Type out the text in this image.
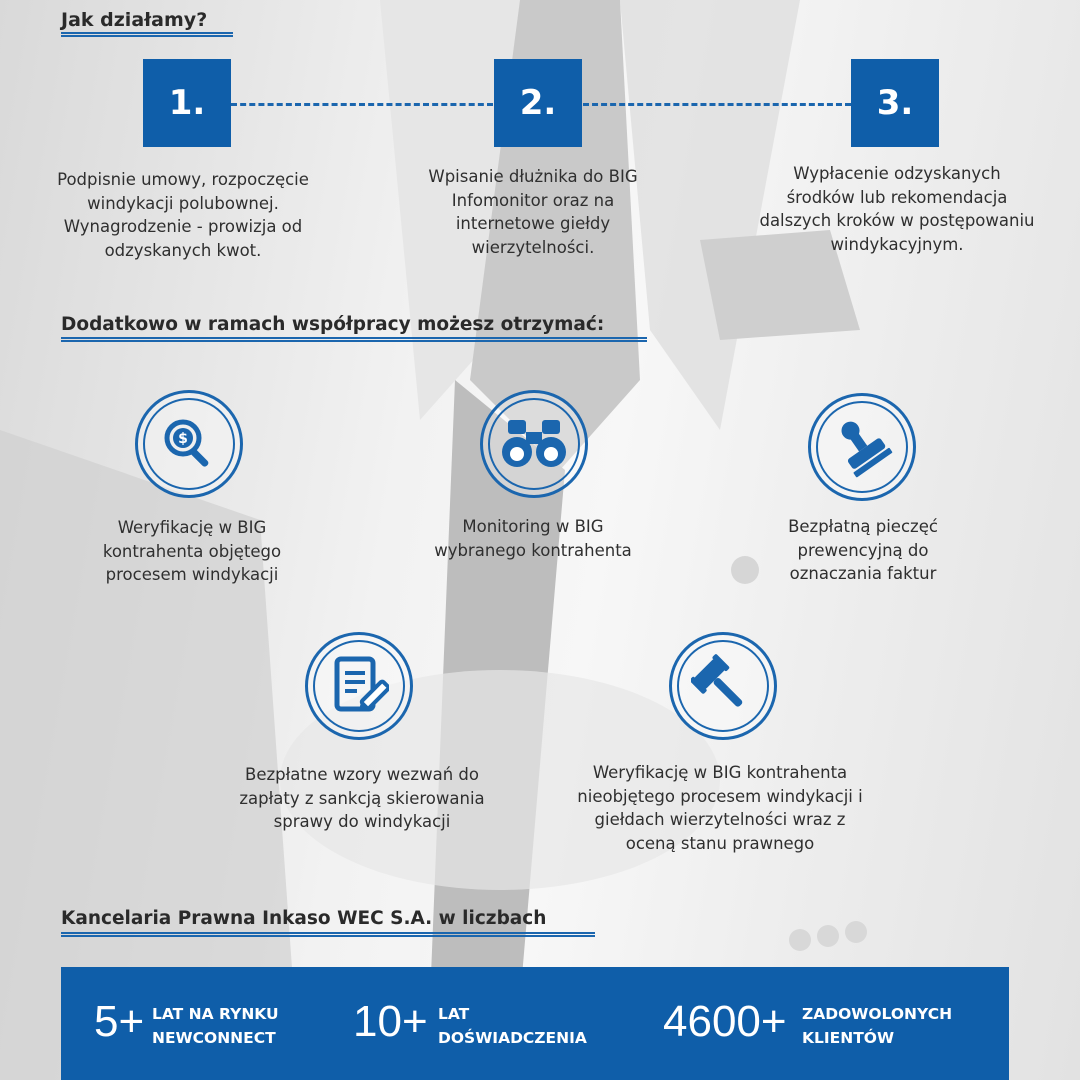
Jak działamy?
1.	2.	3.

Podpisnie umowy, rozpoczęcie windykacji polubownej. Wynagrodzenie - prowizja od odzyskanych kwot.

Wpisanie dłużnika do BIG Infomonitor oraz na internetowe giełdy wierzytelności.

Wypłacenie odzyskanych środków lub rekomendacja dalszych kroków w postępowaniu windykacyjnym.

Dodatkowo w ramach współpracy możesz otrzymać:
$

Weryfikację w BIG kontrahenta objętego procesem windykacji

Monitoring w BIG wybranego kontrahenta

Bezpłatną pieczęć prewencyjną do oznaczania faktur

Bezpłatne wzory wezwań do zapłaty z sankcją skierowania sprawy do windykacji

Weryfikację w BIG kontrahenta nieobjętego procesem windykacji i giełdach wierzytelności wraz z oceną stanu prawnego

Kancelaria Prawna Inkaso WEC S.A. w liczbach
5+ LAT NA RYNKU
NEWCONNECT 10+ LAT
DOŚWIADCZENIA 4600+ ZADOWOLONYCH
KLIENTÓW
